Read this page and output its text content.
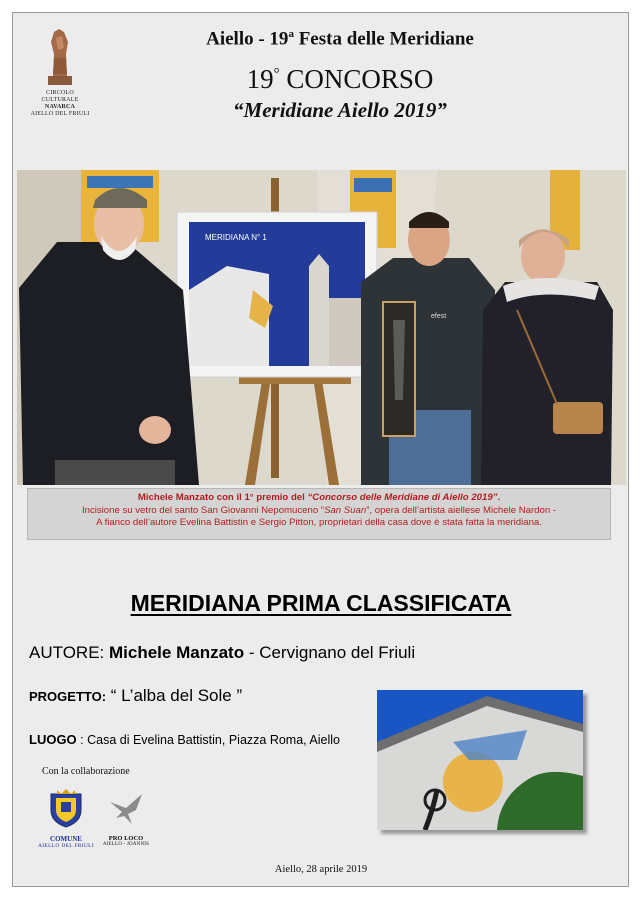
CIRCOLO CULTURALE
NAVARCA
AIELLO DEL FRIULI
Aiello - 19$^a$ Festa delle Meridiane
19° CONCORSO
“Meridiane Aiello 2019”
MERIDIANA N° 1
efest
Michele Manzato con il 1° premio del “Concorso delle Meridiane di Aiello 2019”.
Incisione su vetro del santo San Giovanni Nepomuceno “San Suan”, opera dell’artista aiellese Michele Nardon -
A fianco dell’autore Evelina Battistin e Sergio Pitton, proprietari della casa dove è stata fatta la meridiana.
MERIDIANA PRIMA CLASSIFICATA
AUTORE: Michele Manzato - Cervignano del Friuli
PROGETTO: “ L’alba del Sole ”
LUOGO : Casa di Evelina Battistin, Piazza Roma, Aiello
Con la collaborazione
COMUNE
AIELLO DEL FRIULI
PRO LOCO
AIELLO - JOANNIS
Aiello, 28 aprile 2019
